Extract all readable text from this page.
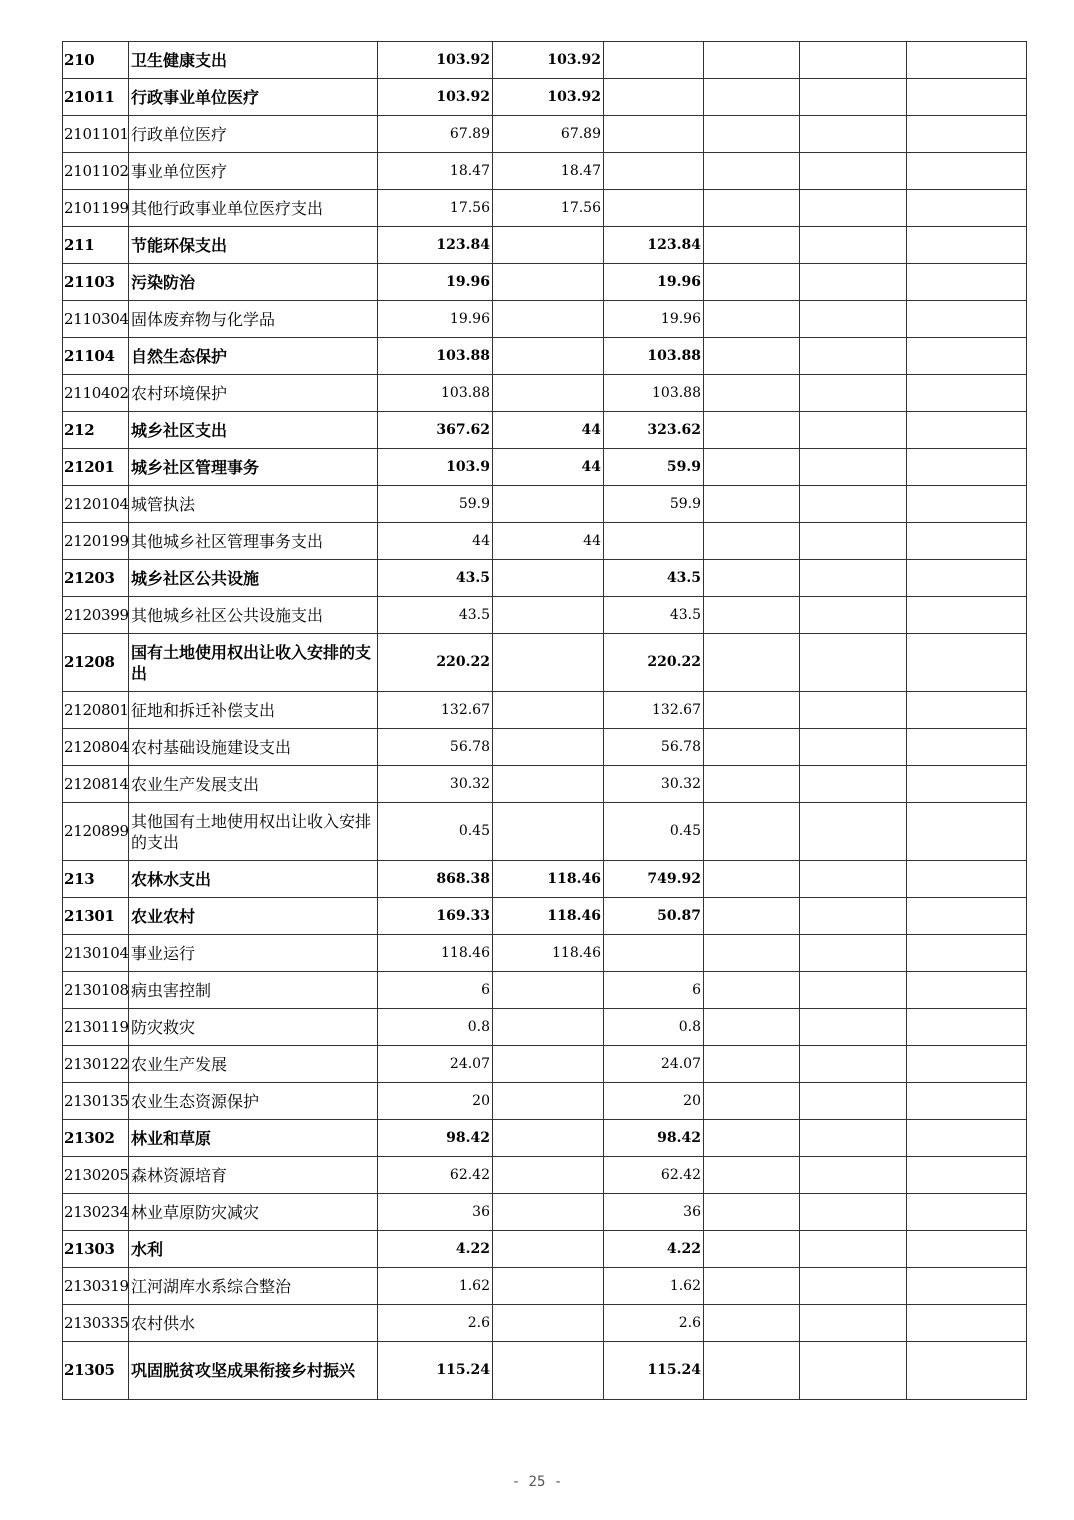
210	卫生健康支出	103.92	103.92				
21011	行政事业单位医疗	103.92	103.92				
2101101	行政单位医疗	67.89	67.89				
2101102	事业单位医疗	18.47	18.47				
2101199	其他行政事业单位医疗支出	17.56	17.56				
211	节能环保支出	123.84		123.84			
21103	污染防治	19.96		19.96			
2110304	固体废弃物与化学品	19.96		19.96			
21104	自然生态保护	103.88		103.88			
2110402	农村环境保护	103.88		103.88			
212	城乡社区支出	367.62	44	323.62			
21201	城乡社区管理事务	103.9	44	59.9			
2120104	城管执法	59.9		59.9			
2120199	其他城乡社区管理事务支出	44	44				
21203	城乡社区公共设施	43.5		43.5			
2120399	其他城乡社区公共设施支出	43.5		43.5			
21208	国有土地使用权出让收入安排的支出	220.22		220.22			
2120801	征地和拆迁补偿支出	132.67		132.67			
2120804	农村基础设施建设支出	56.78		56.78			
2120814	农业生产发展支出	30.32		30.32			
2120899	其他国有土地使用权出让收入安排的支出	0.45		0.45			
213	农林水支出	868.38	118.46	749.92			
21301	农业农村	169.33	118.46	50.87			
2130104	事业运行	118.46	118.46				
2130108	病虫害控制	6		6			
2130119	防灾救灾	0.8		0.8			
2130122	农业生产发展	24.07		24.07			
2130135	农业生态资源保护	20		20			
21302	林业和草原	98.42		98.42			
2130205	森林资源培育	62.42		62.42			
2130234	林业草原防灾减灾	36		36			
21303	水利	4.22		4.22			
2130319	江河湖库水系综合整治	1.62		1.62			
2130335	农村供水	2.6		2.6			
21305	巩固脱贫攻坚成果衔接乡村振兴	115.24		115.24			
- 25 -
